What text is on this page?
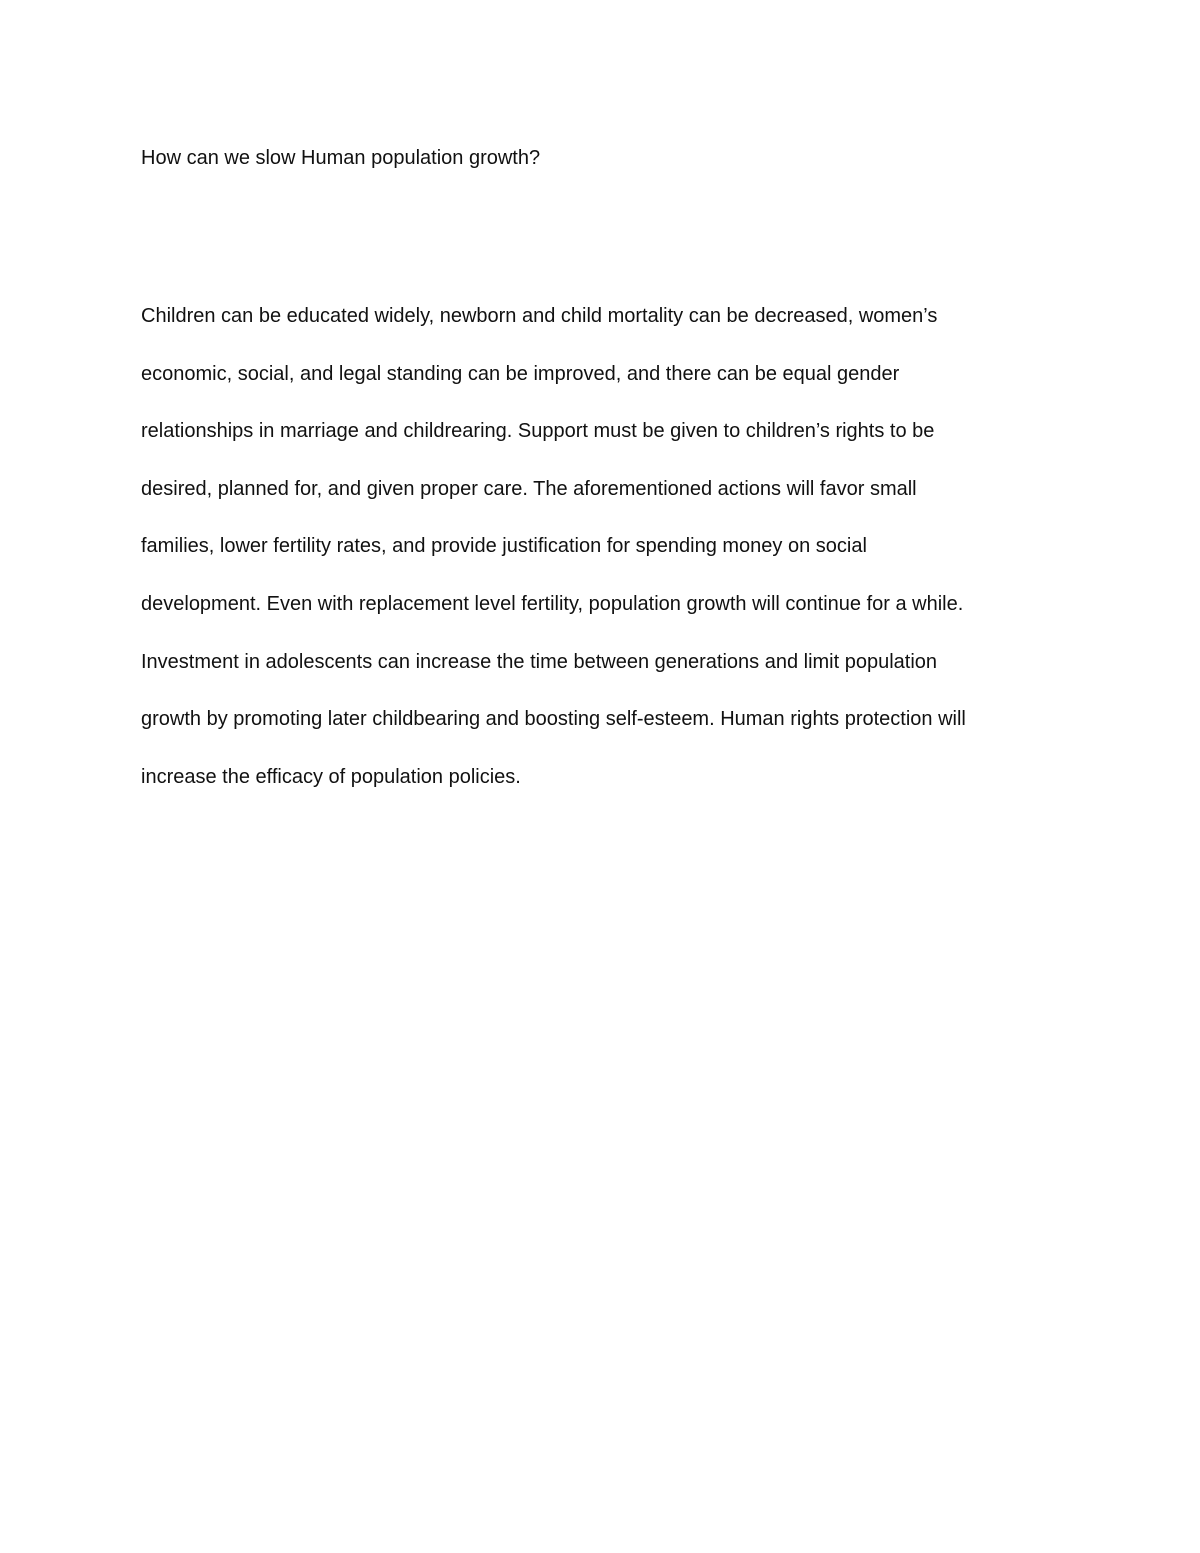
How can we slow Human population growth?

Children can be educated widely, newborn and child mortality can be decreased, women’s
economic, social, and legal standing can be improved, and there can be equal gender
relationships in marriage and childrearing. Support must be given to children’s rights to be
desired, planned for, and given proper care. The aforementioned actions will favor small
families, lower fertility rates, and provide justification for spending money on social
development. Even with replacement level fertility, population growth will continue for a while.
Investment in adolescents can increase the time between generations and limit population
growth by promoting later childbearing and boosting self-esteem. Human rights protection will
increase the efficacy of population policies.
